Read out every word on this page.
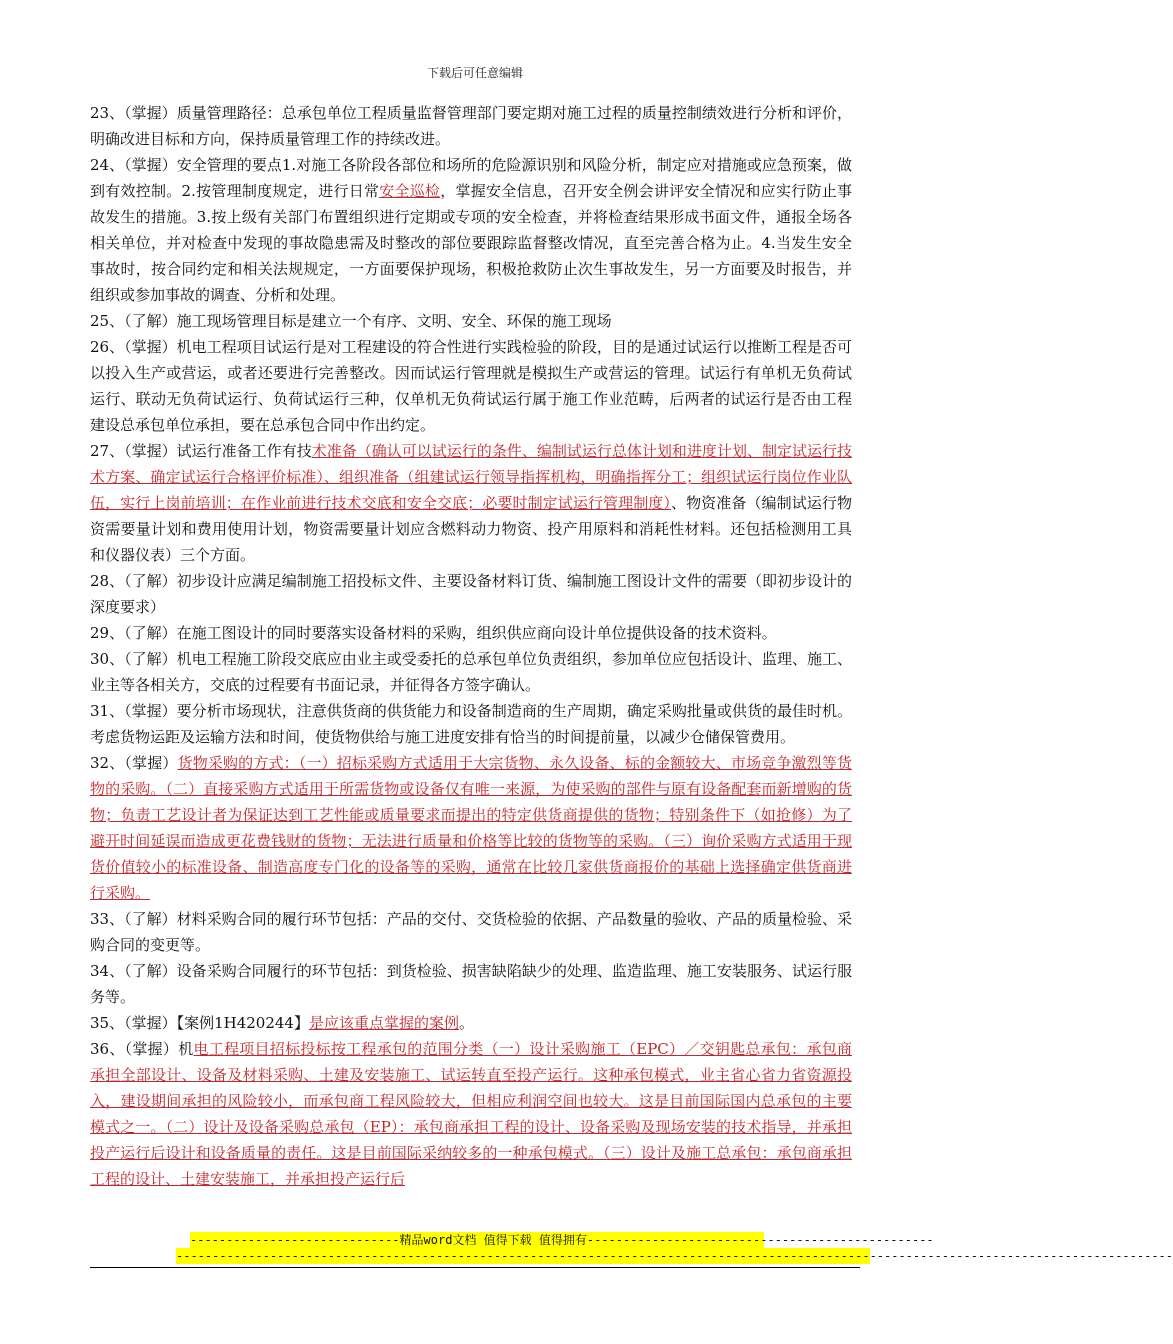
下载后可任意编辑

23、（掌握）质量管理路径：总承包单位工程质量监督管理部门要定期对施工过程的质量控制绩效进行分析和评价，明确改进目标和方向，保持质量管理工作的持续改进。

24、（掌握）安全管理的要点1.对施工各阶段各部位和场所的危险源识别和风险分析，制定应对措施或应急预案，做到有效控制。2.按管理制度规定，进行日常安全巡检，掌握安全信息，召开安全例会讲评安全情况和应实行防止事故发生的措施。3.按上级有关部门布置组织进行定期或专项的安全检查，并将检查结果形成书面文件，通报全场各相关单位，并对检查中发现的事故隐患需及时整改的部位要跟踪监督整改情况，直至完善合格为止。4.当发生安全事故时，按合同约定和相关法规规定，一方面要保护现场，积极抢救防止次生事故发生，另一方面要及时报告，并组织或参加事故的调查、分析和处理。

25、（了解）施工现场管理目标是建立一个有序、文明、安全、环保的施工现场

26、（掌握）机电工程项目试运行是对工程建设的符合性进行实践检验的阶段，目的是通过试运行以推断工程是否可以投入生产或营运，或者还要进行完善整改。因而试运行管理就是模拟生产或营运的管理。试运行有单机无负荷试运行、联动无负荷试运行、负荷试运行三种，仅单机无负荷试运行属于施工作业范畴，后两者的试运行是否由工程建设总承包单位承担，要在总承包合同中作出约定。

27、（掌握）试运行准备工作有技术准备（确认可以试运行的条件、编制试运行总体计划和进度计划、制定试运行技术方案、确定试运行合格评价标准）、组织准备（组建试运行领导指挥机构，明确指挥分工；组织试运行岗位作业队伍，实行上岗前培训；在作业前进行技术交底和安全交底；必要时制定试运行管理制度）、物资准备（编制试运行物资需要量计划和费用使用计划，物资需要量计划应含燃料动力物资、投产用原料和消耗性材料。还包括检测用工具和仪器仪表）三个方面。

28、（了解）初步设计应满足编制施工招投标文件、主要设备材料订货、编制施工图设计文件的需要（即初步设计的深度要求）

29、（了解）在施工图设计的同时要落实设备材料的采购，组织供应商向设计单位提供设备的技术资料。

30、（了解）机电工程施工阶段交底应由业主或受委托的总承包单位负责组织，参加单位应包括设计、监理、施工、业主等各相关方，交底的过程要有书面记录，并征得各方签字确认。

31、（掌握）要分析市场现状，注意供货商的供货能力和设备制造商的生产周期，确定采购批量或供货的最佳时机。考虑货物运距及运输方法和时间，使货物供给与施工进度安排有恰当的时间提前量，以减少仓储保管费用。

32、（掌握）货物采购的方式：（一）招标采购方式适用于大宗货物、永久设备、标的金额较大、市场竞争激烈等货物的采购。（二）直接采购方式适用于所需货物或设备仅有唯一来源，为使采购的部件与原有设备配套而新增购的货物；负责工艺设计者为保证达到工艺性能或质量要求而提出的特定供货商提供的货物；特别条件下（如抢修）为了避开时间延误而造成更花费钱财的货物；无法进行质量和价格等比较的货物等的采购。（三）询价采购方式适用于现货价值较小的标准设备、制造高度专门化的设备等的采购，通常在比较几家供货商报价的基础上选择确定供货商进行采购。

33、（了解）材料采购合同的履行环节包括：产品的交付、交货检验的依据、产品数量的验收、产品的质量检验、采购合同的变更等。

34、（了解）设备采购合同履行的环节包括：到货检验、损害缺陷缺少的处理、监造监理、施工安装服务、试运行服务等。

35、（掌握）【案例1H420244】是应该重点掌握的案例。

36、（掌握）机电工程项目招标投标按工程承包的范围分类（一）设计采购施工（EPC）／交钥匙总承包：承包商承担全部设计、设备及材料采购、土建及安装施工、试运转直至投产运行。这种承包模式，业主省心省力省资源投入，建设期间承担的风险较小，而承包商工程风险较大，但相应利润空间也较大。这是目前国际国内总承包的主要模式之一。（二）设计及设备采购总承包（EP）：承包商承担工程的设计、设备采购及现场安装的技术指导，并承担投产运行后设计和设备质量的责任。这是目前国际采纳较多的一种承包模式。（三）设计及施工总承包：承包商承担工程的设计、土建安装施工，并承担投产运行后

-----------------------------精品word文档 值得下载 值得拥有------------------------------------------------
------------------------------------------------------------------------------------------------------------------------------------------
